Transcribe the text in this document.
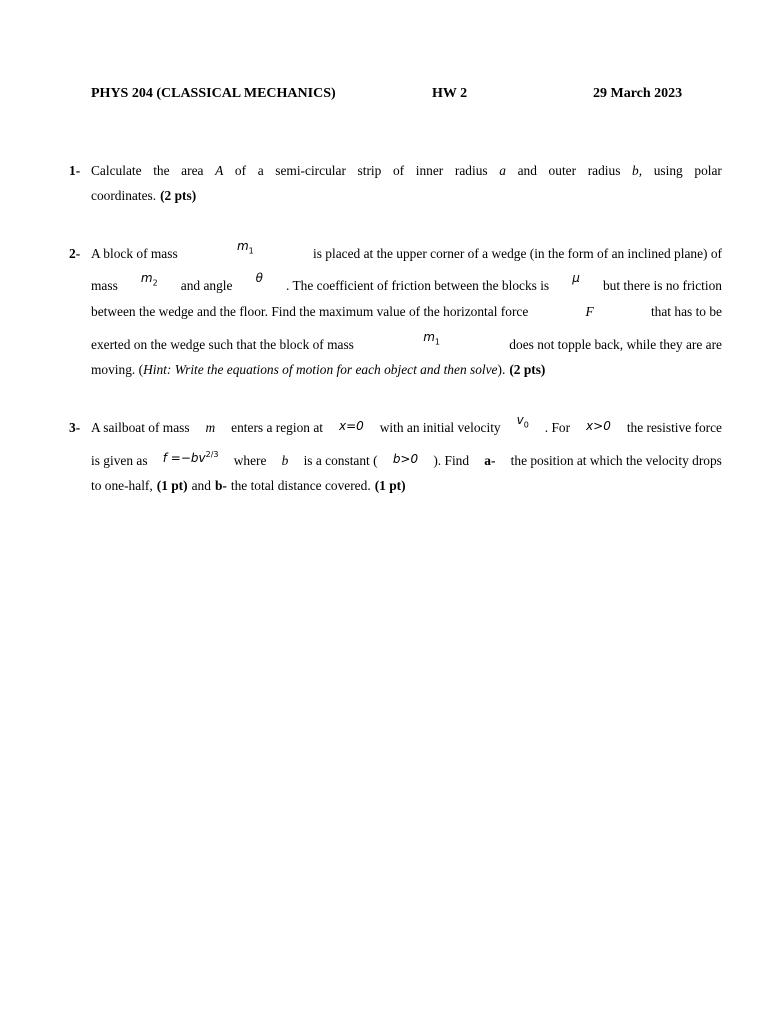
PHYS 204 (CLASSICAL MECHANICS)	HW 2	29 March 2023
1- Calculate the area A of a semi-circular strip of inner radius a and outer radius b, using polar
coordinates. (2 pts)
2- A block of mass	$m_1$	is placed at the upper corner of a wedge (in the form of an inclined plane) of
mass $m_2$ and angle θ . The coefficient of friction between the blocks is μ but there is no friction
between the wedge and the floor. Find the maximum value of the horizontal force	F	that has to be
exerted on the wedge such that the block of mass	$m_1$	does not topple back, while they are are
moving. ( Hint: Write the equations of motion for each object and then solve ). (2 pts)
3- A sailboat of mass m enters a region at x=0 with an initial velocity $v_0$ . For x>0 the resistive force
is given as $f =-bv^{2/3}$ where b is a constant ( b>0 ). Find a- the position at which the velocity drops
to one-half, (1 pt) and b- the total distance covered. (1 pt)
